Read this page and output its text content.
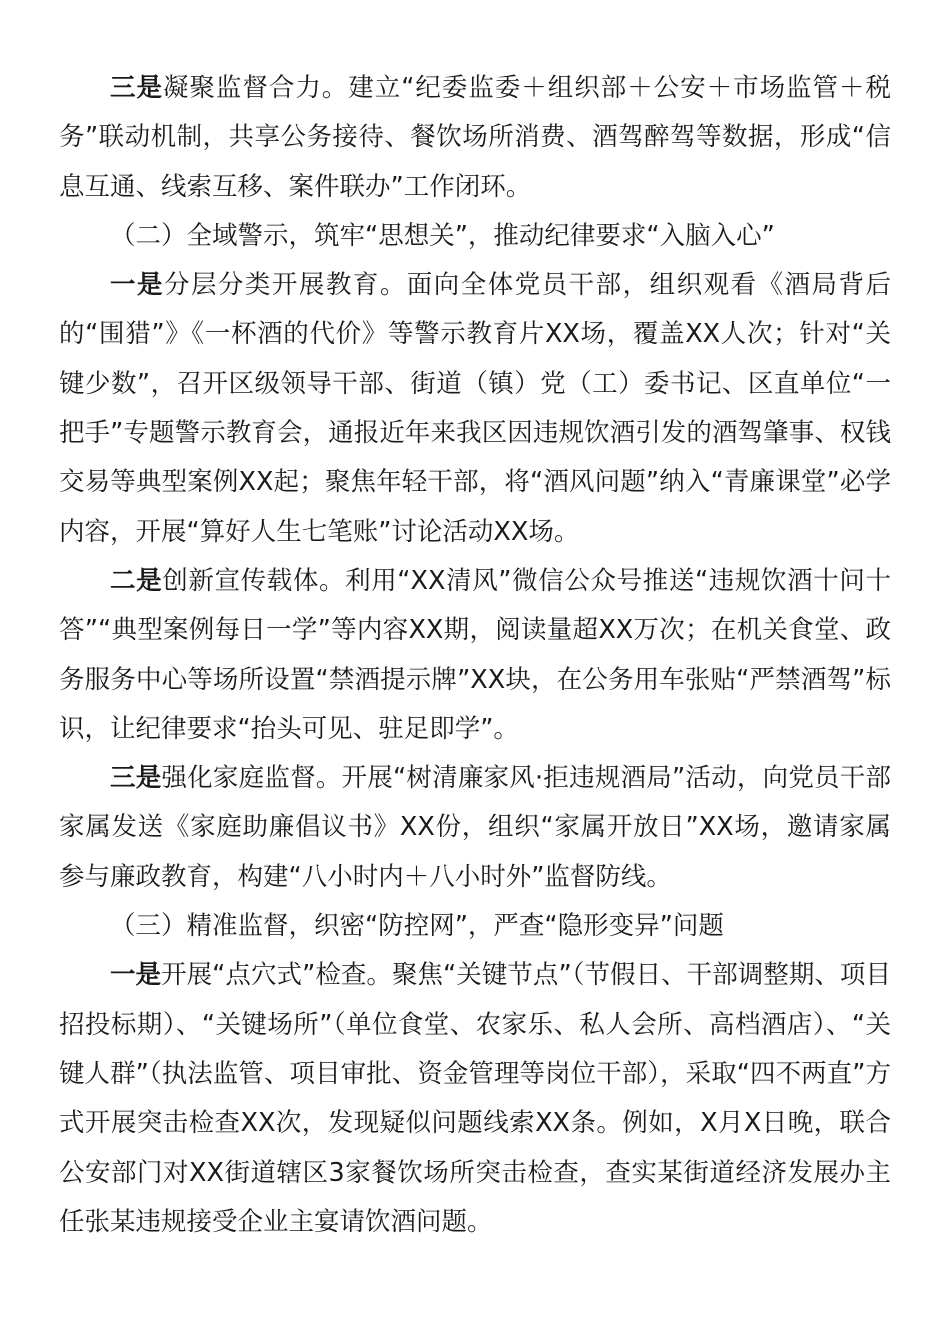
三是凝聚监督合力。建立“纪委监委＋组织部＋公安＋市场监管＋税务”联动机制，共享公务接待、餐饮场所消费、酒驾醉驾等数据，形成“信息互通、线索互移、案件联办”工作闭环。

（二）全域警示，筑牢“思想关”，推动纪律要求“入脑入心”

一是分层分类开展教育。面向全体党员干部，组织观看《酒局背后的“围猎”》《一杯酒的代价》等警示教育片XX场，覆盖XX人次；针对“关键少数”，召开区级领导干部、街道（镇）党（工）委书记、区直单位“一把手”专题警示教育会，通报近年来我区因违规饮酒引发的酒驾肇事、权钱交易等典型案例XX起；聚焦年轻干部，将“酒风问题”纳入“青廉课堂”必学内容，开展“算好人生七笔账”讨论活动XX场。

二是创新宣传载体。利用“XX清风”微信公众号推送“违规饮酒十问十答”“典型案例每日一学”等内容XX期，阅读量超XX万次；在机关食堂、政务服务中心等场所设置“禁酒提示牌”XX块，在公务用车张贴“严禁酒驾”标识，让纪律要求“抬头可见、驻足即学”。

三是强化家庭监督。开展“树清廉家风·拒违规酒局”活动，向党员干部家属发送《家庭助廉倡议书》XX份，组织“家属开放日”XX场，邀请家属参与廉政教育，构建“八小时内＋八小时外”监督防线。

（三）精准监督，织密“防控网”，严查“隐形变异”问题

一是开展“点穴式”检查。聚焦“关键节点”（节假日、干部调整期、项目招投标期）、“关键场所”（单位食堂、农家乐、私人会所、高档酒店）、“关键人群”（执法监管、项目审批、资金管理等岗位干部），采取“四不两直”方式开展突击检查XX次，发现疑似问题线索XX条。例如，X月X日晚，联合公安部门对XX街道辖区3家餐饮场所突击检查，查实某街道经济发展办主任张某违规接受企业主宴请饮酒问题。
